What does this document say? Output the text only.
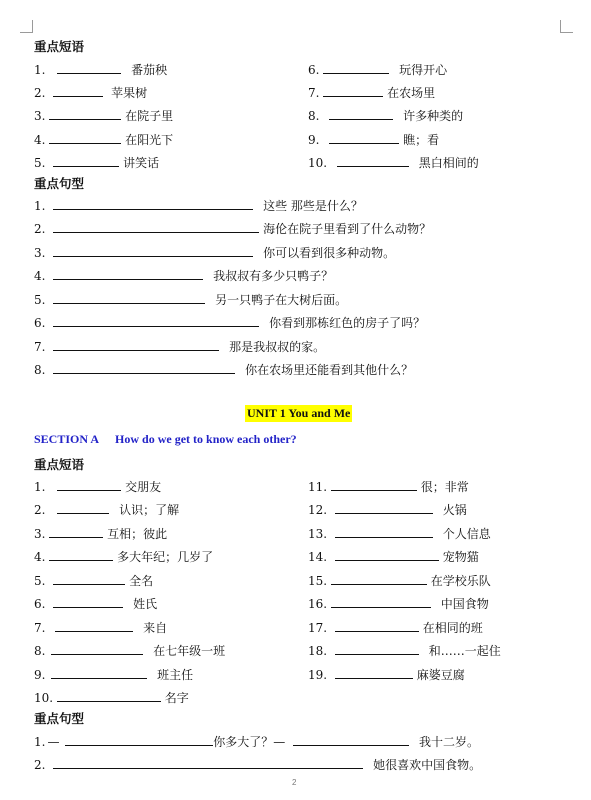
重点短语
1.	番茄秧
2.	苹果树
3.	在院子里
4.	在阳光下
5.	讲笑话
6.	玩得开心
7.	在农场里
8.	许多种类的
9.	瞧；看
10.	黑白相间的
重点句型
1.	这些 那些是什么？
2.	海伦在院子里看到了什么动物？
3.	你可以看到很多种动物。
4.	我叔叔有多少只鸭子？
5.	另一只鸭子在大树后面。
6.	你看到那栋红色的房子了吗？
7.	那是我叔叔的家。
8.	你在农场里还能看到其他什么？
UNIT 1 You and Me
SECTION A How do we get to know each other?
重点短语
1.	交朋友
2.	认识；了解
3.	互相；彼此
4.	多大年纪；几岁了
5.	全名
6.	姓氏
7.	来自
8.	在七年级一班
9.	班主任
10.	名字
11.	很；非常
12.	火锅
13.	个人信息
14.	宠物猫
15.	在学校乐队
16.	中国食物
17.	在相同的班
18.	和……一起住
19.	麻婆豆腐
重点句型
1. —	你多大了？—	我十二岁。
2.	她很喜欢中国食物。
2
